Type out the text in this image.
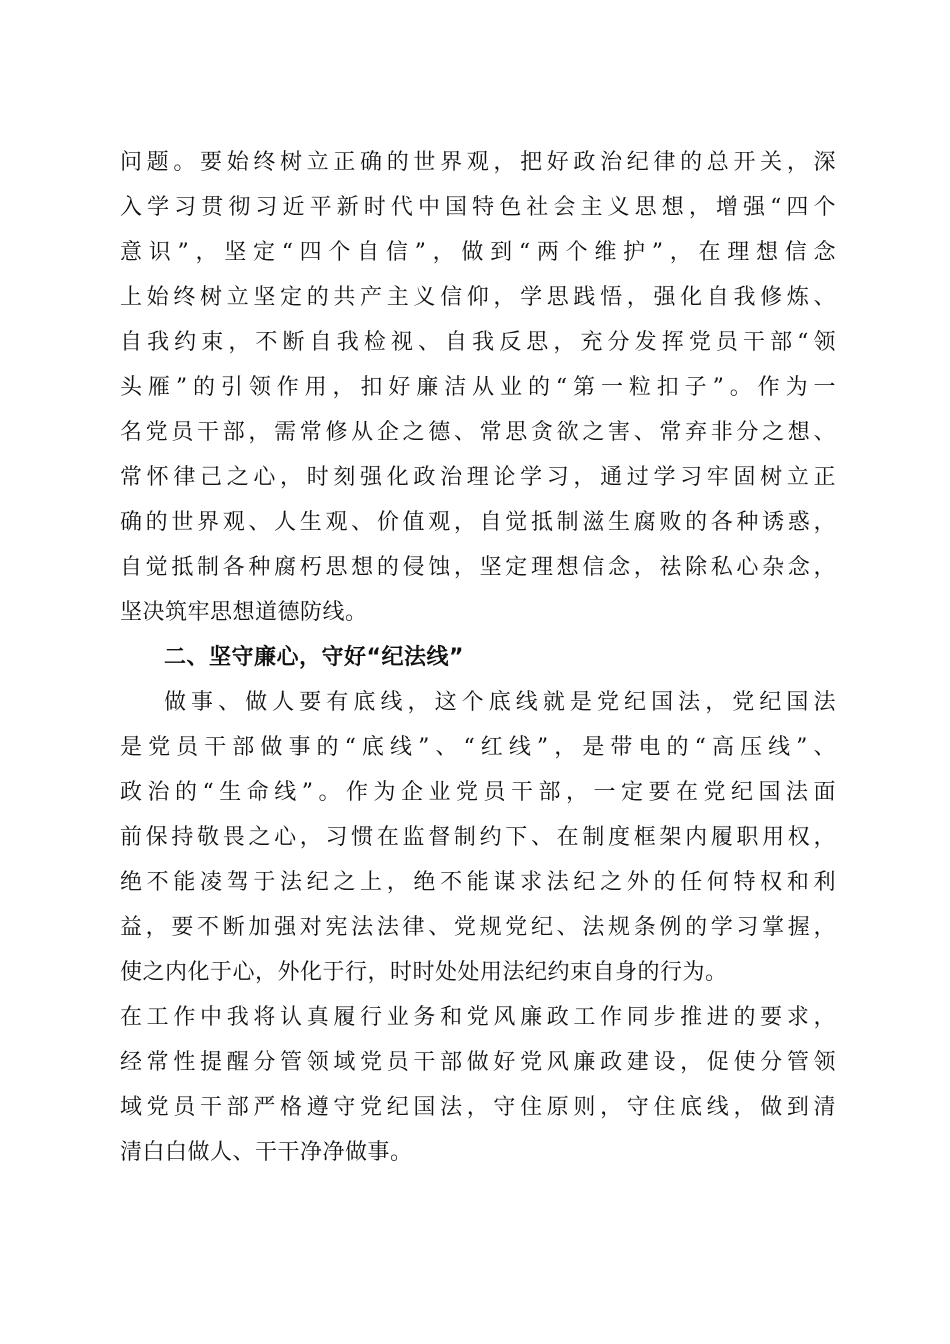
问题。要始终树立正确的世界观，把好政治纪律的总开关，深
入学习贯彻习近平新时代中国特色社会主义思想，增强“四个
意识”，坚定“四个自信”，做到“两个维护”，在理想信念
上始终树立坚定的共产主义信仰，学思践悟，强化自我修炼、
自我约束，不断自我检视、自我反思，充分发挥党员干部“领
头雁”的引领作用，扣好廉洁从业的“第一粒扣子”。作为一
名党员干部，需常修从企之德、常思贪欲之害、常弃非分之想、
常怀律己之心，时刻强化政治理论学习，通过学习牢固树立正
确的世界观、人生观、价值观，自觉抵制滋生腐败的各种诱惑，
自觉抵制各种腐朽思想的侵蚀，坚定理想信念，祛除私心杂念，
坚决筑牢思想道德防线。
二、坚守廉心，守好“纪法线”
做事、做人要有底线，这个底线就是党纪国法，党纪国法
是党员干部做事的“底线”、“红线”，是带电的“高压线”、
政治的“生命线”。作为企业党员干部，一定要在党纪国法面
前保持敬畏之心，习惯在监督制约下、在制度框架内履职用权，
绝不能凌驾于法纪之上，绝不能谋求法纪之外的任何特权和利
益，要不断加强对宪法法律、党规党纪、法规条例的学习掌握，
使之内化于心，外化于行，时时处处用法纪约束自身的行为。
在工作中我将认真履行业务和党风廉政工作同步推进的要求，
经常性提醒分管领域党员干部做好党风廉政建设，促使分管领
域党员干部严格遵守党纪国法，守住原则，守住底线，做到清
清白白做人、干干净净做事。
